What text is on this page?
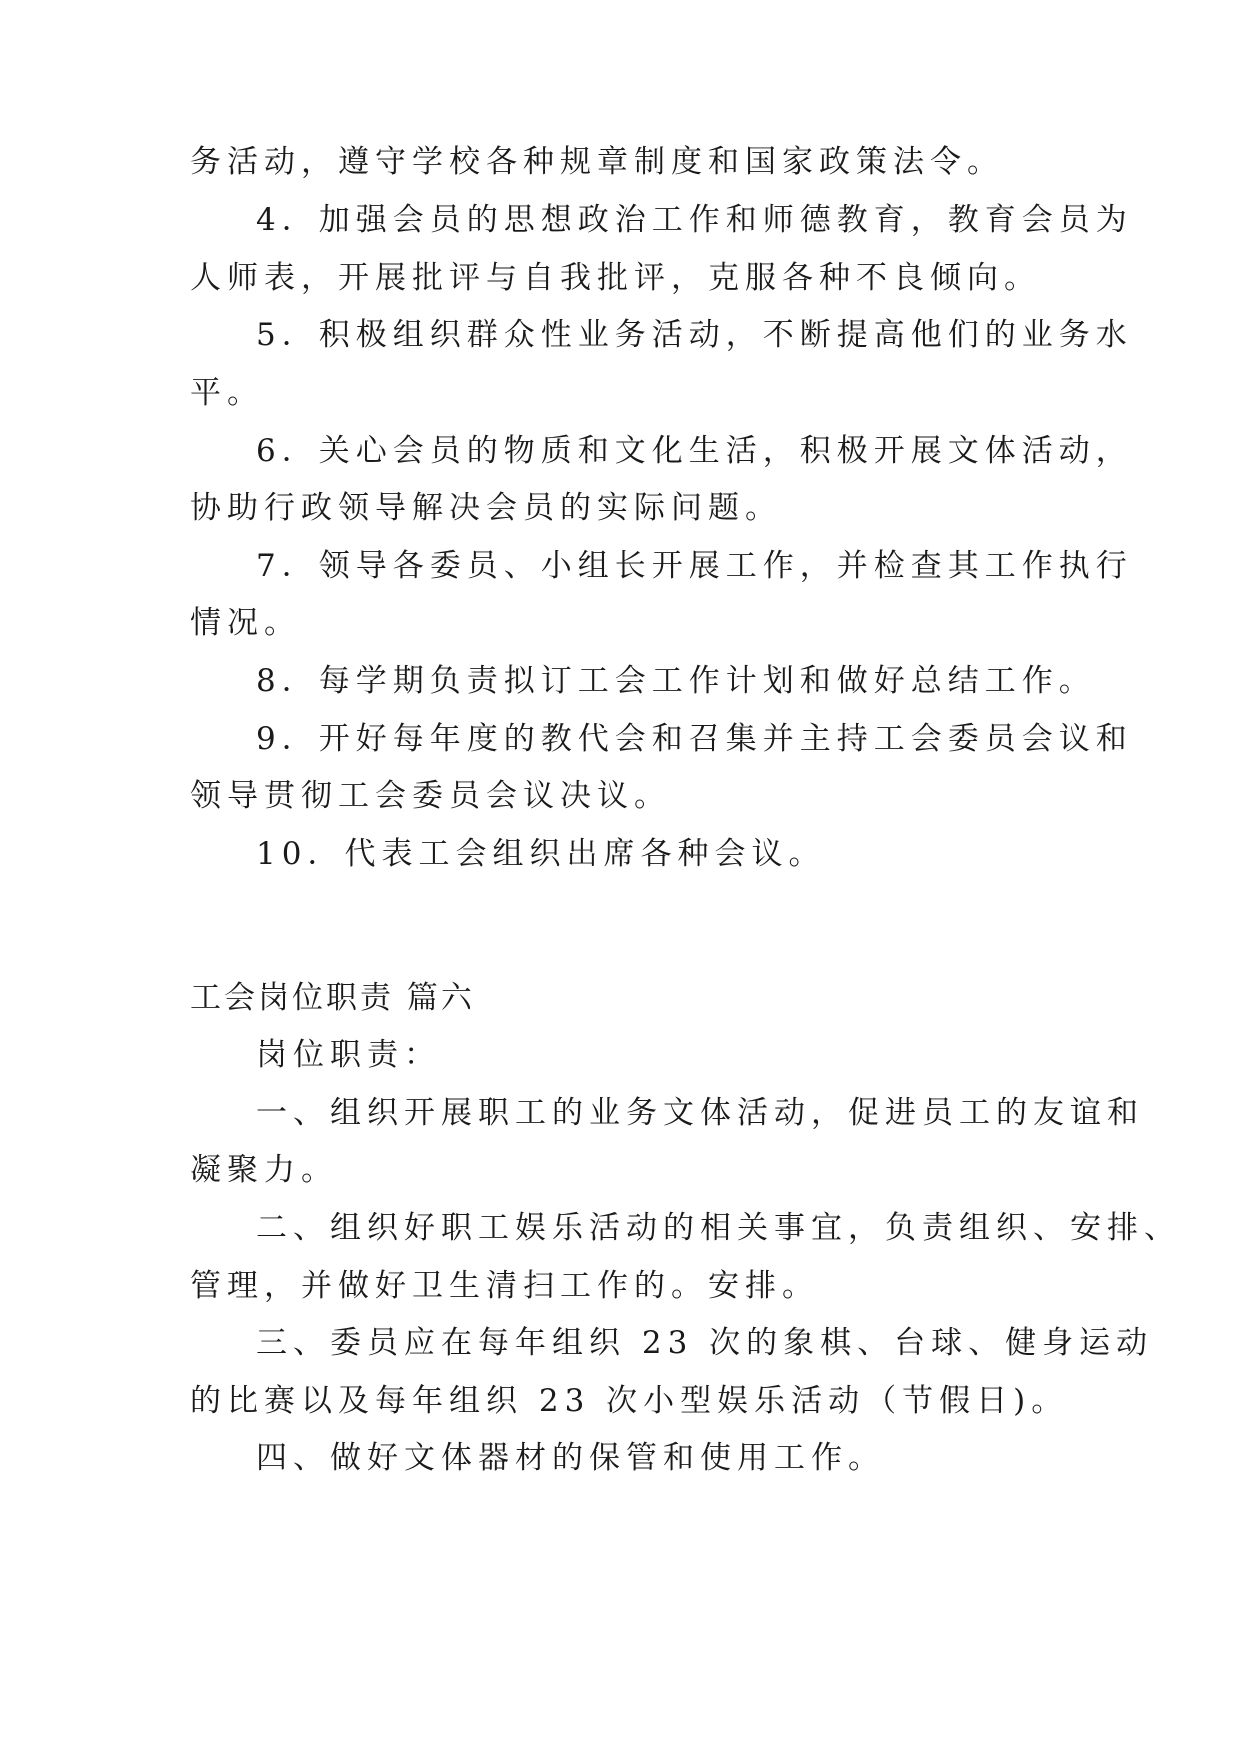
务活动，遵守学校各种规章制度和国家政策法令。
4．加强会员的思想政治工作和师德教育，教育会员为
人师表，开展批评与自我批评，克服各种不良倾向。
5．积极组织群众性业务活动，不断提高他们的业务水
平。
6．关心会员的物质和文化生活，积极开展文体活动，
协助行政领导解决会员的实际问题。
7．领导各委员、小组长开展工作，并检查其工作执行
情况。
8．每学期负责拟订工会工作计划和做好总结工作。
9．开好每年度的教代会和召集并主持工会委员会议和
领导贯彻工会委员会议决议。
10．代表工会组织出席各种会议。
工会岗位职责 篇六
岗位职责：
一、组织开展职工的业务文体活动，促进员工的友谊和
凝聚力。
二、组织好职工娱乐活动的相关事宜，负责组织、安排、
管理，并做好卫生清扫工作的。安排。
三、委员应在每年组织 23 次的象棋、台球、健身运动
的比赛以及每年组织 23 次小型娱乐活动（节假日)。
四、做好文体器材的保管和使用工作。
